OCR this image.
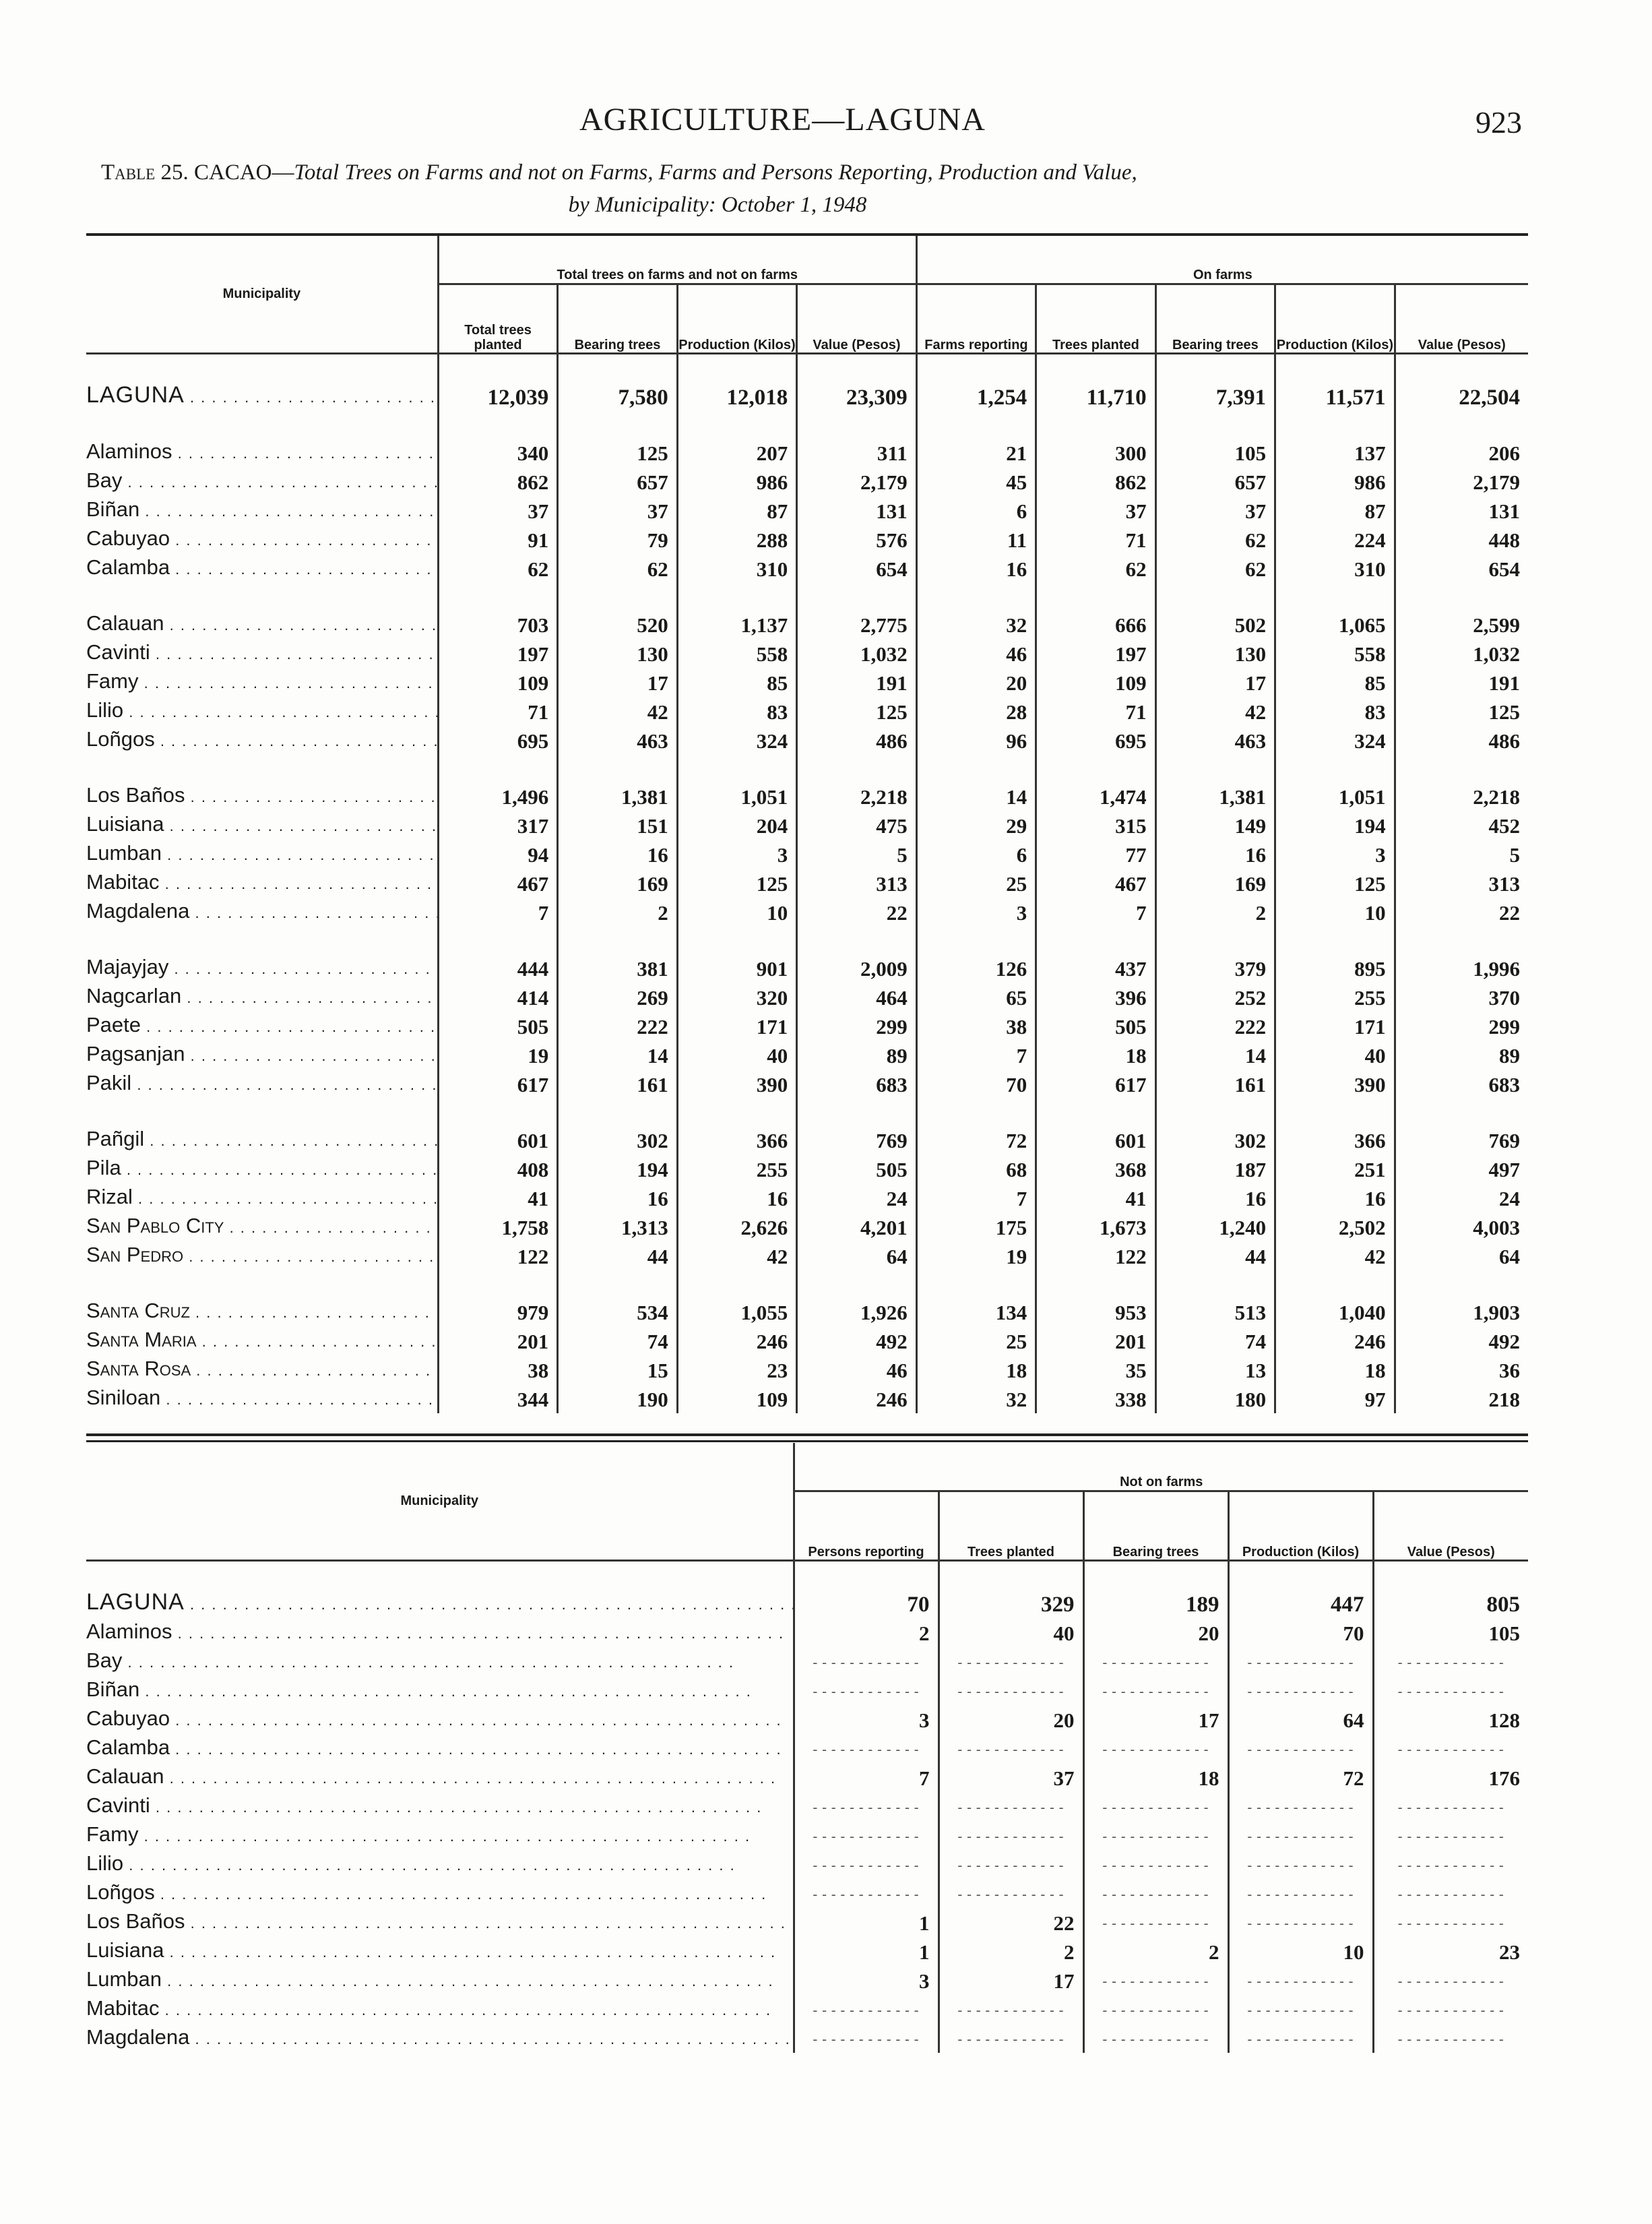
AGRICULTURE—LAGUNA	923
Table 25. CACAO—Total Trees on Farms and not on Farms, Farms and Persons Reporting, Production and Value,
by Municipality: October 1, 1948
Municipality	Total trees on farms and not on farms				On farms				
	Total trees planted	Bearing trees	Production (Kilos)	Value (Pesos)	Farms reporting	Trees planted	Bearing trees	Production (Kilos)	Value (Pesos)

LAGUNA . . .	12,039	7,580	12,018	23,309	1,254	11,710	7,391	11,571	22,504

Alaminos . . .	340	125	207	311	21	300	105	137	206
Bay . . .	862	657	986	2,179	45	862	657	986	2,179
Biñan . . .	37	37	87	131	6	37	37	87	131
Cabuyao . . .	91	79	288	576	11	71	62	224	448
Calamba . . .	62	62	310	654	16	62	62	310	654

Calauan . . .	703	520	1,137	2,775	32	666	502	1,065	2,599
Cavinti . . .	197	130	558	1,032	46	197	130	558	1,032
Famy . . .	109	17	85	191	20	109	17	85	191
Lilio . . .	71	42	83	125	28	71	42	83	125
Loñgos . . .	695	463	324	486	96	695	463	324	486

Los Baños . . .	1,496	1,381	1,051	2,218	14	1,474	1,381	1,051	2,218
Luisiana . . .	317	151	204	475	29	315	149	194	452
Lumban . . .	94	16	3	5	6	77	16	3	5
Mabitac . . .	467	169	125	313	25	467	169	125	313
Magdalena . . .	7	2	10	22	3	7	2	10	22

Majayjay . . .	444	381	901	2,009	126	437	379	895	1,996
Nagcarlan . . .	414	269	320	464	65	396	252	255	370
Paete . . .	505	222	171	299	38	505	222	171	299
Pagsanjan . . .	19	14	40	89	7	18	14	40	89
Pakil . . .	617	161	390	683	70	617	161	390	683

Pañgil . . .	601	302	366	769	72	601	302	366	769
Pila . . .	408	194	255	505	68	368	187	251	497
Rizal . . .	41	16	16	24	7	41	16	16	24
San Pablo City . . .	1,758	1,313	2,626	4,201	175	1,673	1,240	2,502	4,003
San Pedro . . .	122	44	42	64	19	122	44	42	64

Santa Cruz . . .	979	534	1,055	1,926	134	953	513	1,040	1,903
Santa Maria . . .	201	74	246	492	25	201	74	246	492
Santa Rosa . . .	38	15	23	46	18	35	13	18	36
Siniloan . . .	344	190	109	246	32	338	180	97	218
Municipality	Not on farms				
	Persons reporting	Trees planted	Bearing trees	Production (Kilos)	Value (Pesos)

LAGUNA . . .	70	329	189	447	805
Alaminos . . .	2	40	20	70	105
Bay . . .	- - -	- - -	- - -	- - -	- - -
Biñan . . .	- - -	- - -	- - -	- - -	- - -
Cabuyao . . .	3	20	17	64	128
Calamba . . .	- - -	- - -	- - -	- - -	- - -
Calauan . . .	7	37	18	72	176
Cavinti . . .	- - -	- - -	- - -	- - -	- - -
Famy . . .	- - -	- - -	- - -	- - -	- - -
Lilio . . .	- - -	- - -	- - -	- - -	- - -
Loñgos . . .	- - -	- - -	- - -	- - -	- - -
Los Baños . . .	1	22	- - -	- - -	- - -
Luisiana . . .	1	2	2	10	23
Lumban . . .	3	17	- - -	- - -	- - -
Mabitac . . .	- - -	- - -	- - -	- - -	- - -
Magdalena . . .	- - -	- - -	- - -	- - -	- - -
